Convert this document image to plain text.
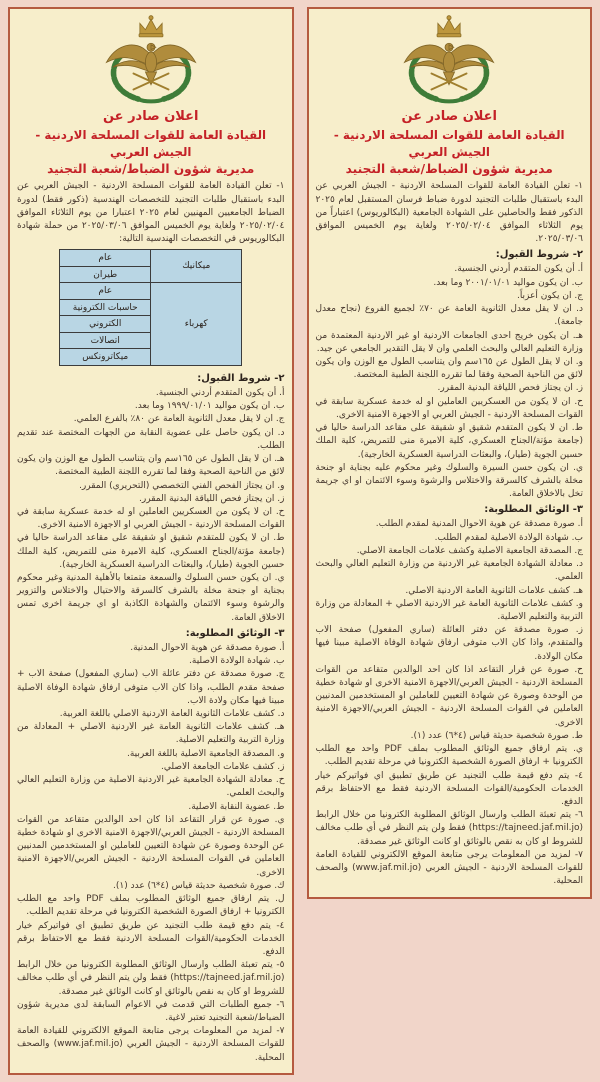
اعلان صادر عن
القيادة العامة للقوات المسلحة الاردنية - الجيش العربي
مديرية شؤون الضباط/شعبة التجنيد
١- تعلن القيادة العامة للقوات المسلحة الاردنية - الجيش العربي عن البدء باستقبال طلبات التجنيد لدورة ضباط فرسان المستقبل لعام ٢٠٢٥ الذكور فقط والحاصلين على الشهادة الجامعية (البكالوريوس) اعتباراً من يوم الثلاثاء الموافق ٢٠٢٥/٠٢/٠٤ ولغاية يوم الخميس الموافق ٢٠٢٥/٠٣/٠٦.
٢- شروط القبول:
أ. أن يكون المتقدم أردني الجنسية.
ب. ان يكون مواليد ٢٠٠١/٠١/٠١ وما بعد.
ج. ان يكون أعزباً.
د. ان لا يقل معدل الثانوية العامة عن ٧٠٪ لجميع الفروع (نجاح معدل جامعة).
هـ. ان يكون خريج احدى الجامعات الاردنية او غير الاردنية المعتمدة من وزارة التعليم العالي والبحث العلمي وان لا يقل التقدير الجامعي عن جيد.
و. ان لا يقل الطول عن ١٦٥سم وان يتناسب الطول مع الوزن وان يكون لائق من الناحية الصحية وفقا لما تقرره اللجنة الطبية المختصة.
ز. ان يجتاز فحص اللياقة البدنية المقرر.
ح. ان لا يكون من العسكريين العاملين او له خدمة عسكرية سابقة في القوات المسلحة الاردنية - الجيش العربي او الاجهزة الامنية الاخرى.
ط. ان لا يكون المتقدم شقيق او شقيقة على مقاعد الدراسة حاليا في (جامعة مؤتة/الجناح العسكري، كلية الاميرة منى للتمريض، كلية الملك حسين الجوية (طيار)، والبعثات الدراسية العسكرية الخارجية).
ي. ان يكون حسن السيرة والسلوك وغير محكوم عليه بجناية او جنحة مخلة بالشرف كالسرقة والاختلاس والرشوة وسوء الائتمان او اي جريمة تخل بالاخلاق العامة.
٣- الوثائق المطلوبة:
أ. صورة مصدقة عن هوية الاحوال المدنية لمقدم الطلب.
ب. شهادة الولادة الاصلية لمقدم الطلب.
ج. المصدقة الجامعية الاصلية وكشف علامات الجامعة الاصلي.
د. معادلة الشهادة الجامعية غير الاردنية من وزارة التعليم العالي والبحث العلمي.
هـ. كشف علامات الثانوية العامة الاردنية الاصلي.
و. كشف علامات الثانوية العامة غير الاردنية الاصلي + المعادلة من وزارة التربية والتعليم الاصلية.
ز. صورة مصدقة عن دفتر العائلة (ساري المفعول) صفحة الاب والمتقدم، واذا كان الاب متوفى ارفاق شهادة الوفاة الاصلية مبينا فيها مكان الولادة.
ح. صورة عن قرار التقاعد اذا كان احد الوالدين متقاعد من القوات المسلحة الاردنية - الجيش العربي/الاجهزة الامنية الاخرى او شهادة خطية من الوحدة وصورة عن شهادة التعيين للعاملين او المستخدمين المدنيين العاملين في القوات المسلحة الاردنية - الجيش العربي/الاجهزة الامنية الاخرى.
ط. صورة شخصية حديثة قياس (٤*٦) عدد (١).
ي. يتم ارفاق جميع الوثائق المطلوب بملف PDF واحد مع الطلب الكترونيا + ارفاق الصورة الشخصية الكترونيا في مرحلة تقديم الطلب.
٤- يتم دفع قيمة طلب التجنيد عن طريق تطبيق اي فواتيركم خيار الخدمات الحكومية/القوات المسلحة الاردنية فقط مع الاحتفاظ برقم الدفع.
٦- يتم تعبئة الطلب وارسال الوثائق المطلوبة الكترونيا من خلال الرابط (https://tajneed.jaf.mil.jo) فقط ولن يتم النظر في أي طلب مخالف للشروط او كان به نقص بالوثائق او كانت الوثائق غير مصدقة.
٧- لمزيد من المعلومات يرجى متابعة الموقع الالكتروني للقيادة العامة للقوات المسلحة الاردنية - الجيش العربي (www.jaf.mil.jo) والصحف المحلية.
اعلان صادر عن
القيادة العامة للقوات المسلحة الاردنية - الجيش العربي
مديرية شؤون الضباط/شعبة التجنيد
١- تعلن القيادة العامة للقوات المسلحة الاردنية - الجيش العربي عن البدء باستقبال طلبات التجنيد للتخصصات الهندسية (ذكور فقط) لدورة الضباط الجامعيين المهنيين لعام ٢٠٢٥ اعتبارا من يوم الثلاثاء الموافق ٢٠٢٥/٠٢/٠٤ ولغاية يوم الخميس الموافق ٢٠٢٥/٠٣/٠٦ من حملة شهادة البكالوريوس في التخصصات الهندسية التالية:
ميكانيك	عام
	طيران
كهرباء	عام
	حاسبات الكترونية
	الكتروني
	اتصالات
	ميكاترونكس
٢- شروط القبول:
أ. أن يكون المتقدم أردني الجنسية.
ب. ان يكون مواليد ١٩٩٩/٠١/٠١ وما بعد.
ج. ان لا يقل معدل الثانوية العامة عن ٨٠٪ بالفرع العلمي.
د. ان يكون حاصل على عضوية النقابة من الجهات المختصة عند تقديم الطلب.
هـ. ان لا يقل الطول عن ١٦٥سم وان يتناسب الطول مع الوزن وان يكون لائق من الناحية الصحية وفقا لما تقرره اللجنة الطبية المختصة.
و. ان يجتاز الفحص الفني التخصصي (التحريري) المقرر.
ز. ان يجتاز فحص اللياقة البدنية المقرر.
ح. ان لا يكون من العسكريين العاملين او له خدمة عسكرية سابقة في القوات المسلحة الاردنية - الجيش العربي او الاجهزة الامنية الاخرى.
ط. ان لا يكون للمتقدم شقيق او شقيقة على مقاعد الدراسة حاليا في (جامعة مؤتة/الجناح العسكري، كلية الاميرة منى للتمريض، كلية الملك حسين الجوية (طيار)، والبعثات الدراسية العسكرية الخارجية).
ي. ان يكون حسن السلوك والسمعة متمتعا بالأهلية المدنية وغير محكوم بجناية او جنحة مخلة بالشرف كالسرقة والاحتيال والاختلاس والتزوير والرشوة وسوء الائتمان والشهادة الكاذبة او اي جريمة اخرى تمس الاخلاق العامة.
٣- الوثائق المطلوبة:
أ. صورة مصدقة عن هوية الاحوال المدنية.
ب. شهادة الولادة الاصلية.
ج. صورة مصدقة عن دفتر عائلة الاب (ساري المفعول) صفحة الاب + صفحة مقدم الطلب، واذا كان الاب متوفى ارفاق شهادة الوفاة الاصلية مبينا فيها مكان ولادة الاب.
د. كشف علامات الثانوية العامة الاردنية الاصلي باللغة العربية.
هـ. كشف علامات الثانوية العامة غير الاردنية الاصلي + المعادلة من وزارة التربية والتعليم الاصلية.
و. المصدقة الجامعية الاصلية باللغة العربية.
ز. كشف علامات الجامعة الاصلي.
ح. معادلة الشهادة الجامعية غير الاردنية الاصلية من وزارة التعليم العالي والبحث العلمي.
ط. عضوية النقابة الاصلية.
ي. صورة عن قرار التقاعد اذا كان احد الوالدين متقاعد من القوات المسلحة الاردنية - الجيش العربي/الاجهزة الامنية الاخرى او شهادة خطية عن الوحدة وصورة عن شهادة التعيين للعاملين او المستخدمين المدنيين العاملين في القوات المسلحة الاردنية - الجيش العربي/الاجهزة الامنية الاخرى.
ك. صورة شخصية حديثة قياس (٤*٦) عدد (١).
ل. يتم ارفاق جميع الوثائق المطلوب بملف PDF واحد مع الطلب الكترونيا + ارفاق الصورة الشخصية الكترونيا في مرحلة تقديم الطلب.
٤- يتم دفع قيمة طلب التجنيد عن طريق تطبيق اي فواتيركم خيار الخدمات الحكومية/القوات المسلحة الاردنية فقط مع الاحتفاظ برقم الدفع.
٥- يتم تعبئة الطلب وارسال الوثائق المطلوبة الكترونيا من خلال الرابط (https://tajneed.jaf.mil.jo) فقط ولن يتم النظر في أي طلب مخالف للشروط او كان به نقص بالوثائق او كانت الوثائق غير مصدقة.
٦- جميع الطلبات التي قدمت في الاعوام السابقة لدى مديرية شؤون الضباط/شعبة التجنيد تعتبر لاغية.
٧- لمزيد من المعلومات يرجى متابعة الموقع الالكتروني للقيادة العامة للقوات المسلحة الاردنية - الجيش العربي (www.jaf.mil.jo) والصحف المحلية.
